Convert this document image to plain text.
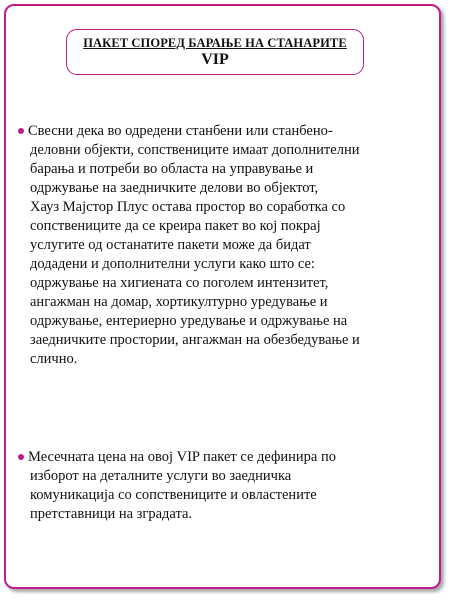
ПАКЕТ СПОРЕД БАРАЊЕ НА СТАНАРИТЕ
VIP
Свесни дека во одредени станбени или станбено-
деловни објекти, сопствениците имаат дополнителни
барања и потреби во областа на управување и
одржување на заедничките делови во објектот,
Хауз Мајстор Плус остава простор во соработка со
сопствениците да се креира пакет во кој покрај
услугите од останатите пакети може да бидат
додадени и дополнителни услуги како што се:
одржување на хигиената со поголем интензитет,
ангажман на домар, хортикултурно уредување и
одржување, ентериерно уредување и одржување на
заедничките простории, ангажман на обезбедување и
слично.
Месечната цена на овој VIP пакет се дефинира по
изборот на деталните услуги во заедничка
комуникација со сопствениците и овластените
претставници на зградата.
